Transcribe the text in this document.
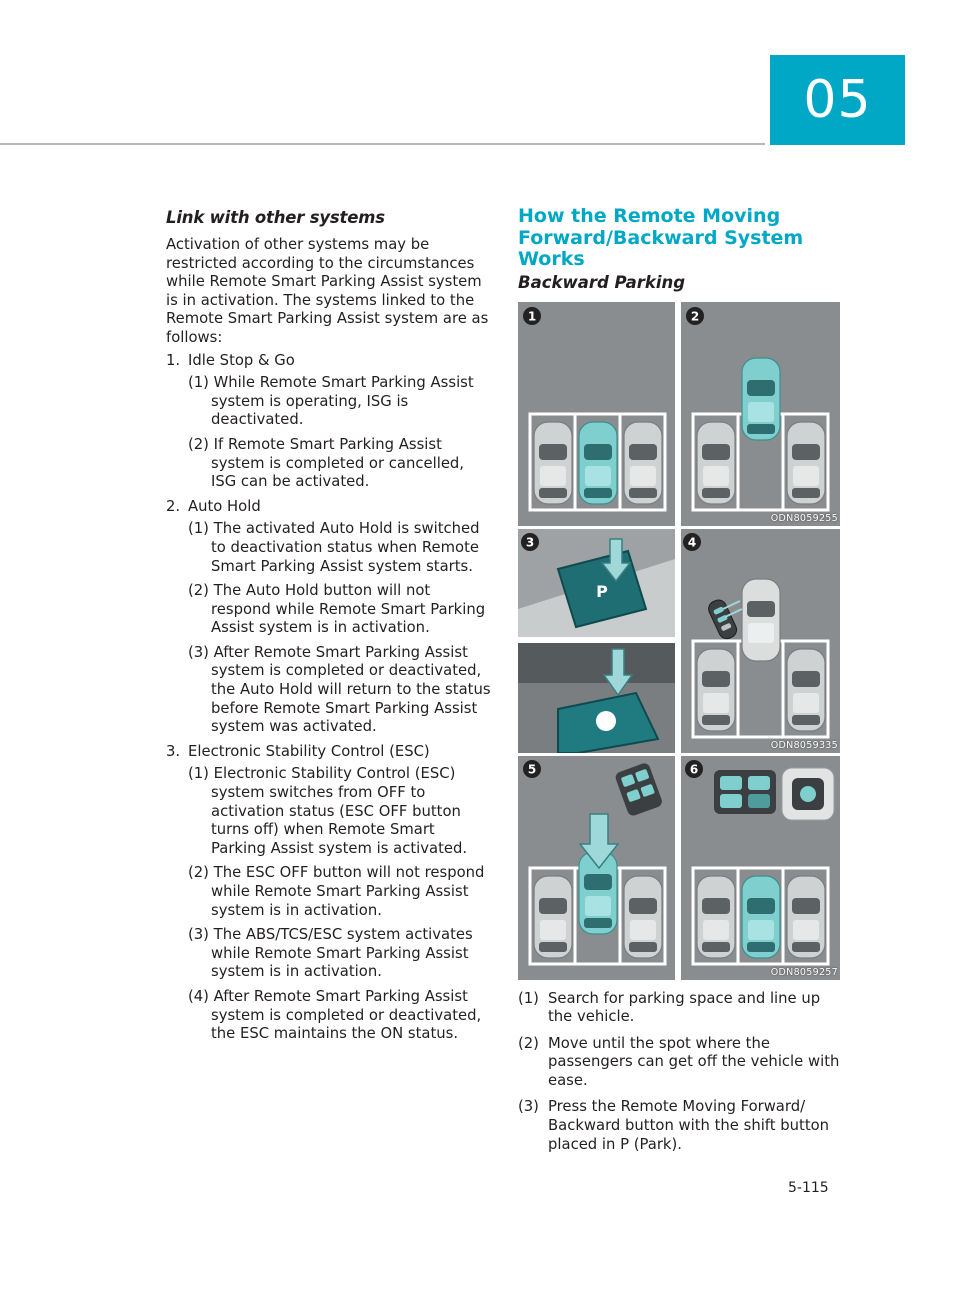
05
Link with other systems

Activation of other systems may be restricted according to the circumstances while Remote Smart Parking Assist system is in activation. The systems linked to the Remote Smart Parking Assist system are as follows:

1. Idle Stop & Go
(1) While Remote Smart Parking Assist system is operating, ISG is deactivated.
(2) If Remote Smart Parking Assist system is completed or cancelled, ISG can be activated.
2. Auto Hold
(1) The activated Auto Hold is switched to deactivation status when Remote Smart Parking Assist system starts.
(2) The Auto Hold button will not respond while Remote Smart Parking Assist system is in activation.
(3) After Remote Smart Parking Assist system is completed or deactivated, the Auto Hold will return to the status before Remote Smart Parking Assist system was activated.
3. Electronic Stability Control (ESC)
(1) Electronic Stability Control (ESC) system switches from OFF to activation status (ESC OFF button turns off) when Remote Smart Parking Assist system is activated.
(2) The ESC OFF button will not respond while Remote Smart Parking Assist system is in activation.
(3) The ABS/TCS/ESC system activates while Remote Smart Parking Assist system is in activation.
(4) After Remote Smart Parking Assist system is completed or deactivated, the ESC maintains the ON status.
How the Remote Moving
Forward/Backward System
Works
Backward Parking
1	2
ODN8059255
P
3	4
ODN8059335
5	6
ODN8059257
(1) Search for parking space and line up the vehicle.
(2) Move until the spot where the passengers can get off the vehicle with ease.
(3) Press the Remote Moving Forward/ Backward button with the shift button placed in P (Park).
5-115
